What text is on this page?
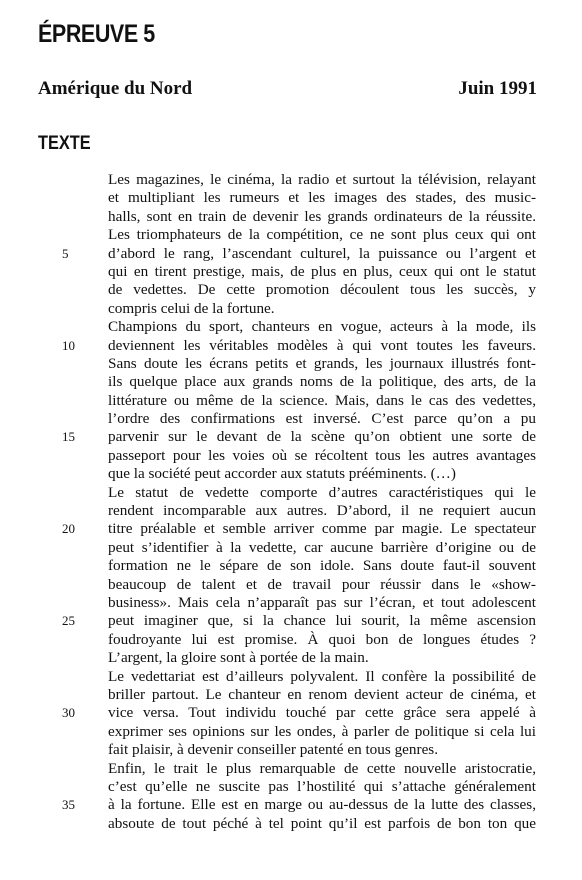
ÉPREUVE 5
Amérique du Nord	Juin 1991
TEXTE
Les magazines, le cinéma, la radio et surtout la télévision, relayant
et multipliant les rumeurs et les images des stades, des music-
halls, sont en train de devenir les grands ordinateurs de la réussite.
Les triomphateurs de la compétition, ce ne sont plus ceux qui ont
5	d’abord le rang, l’ascendant culturel, la puissance ou l’argent et
qui en tirent prestige, mais, de plus en plus, ceux qui ont le statut
de vedettes. De cette promotion découlent tous les succès, y
compris celui de la fortune.
Champions du sport, chanteurs en vogue, acteurs à la mode, ils
10	deviennent les véritables modèles à qui vont toutes les faveurs.
Sans doute les écrans petits et grands, les journaux illustrés font-
ils quelque place aux grands noms de la politique, des arts, de la
littérature ou même de la science. Mais, dans le cas des vedettes,
l’ordre des confirmations est inversé. C’est parce qu’on a pu
15	parvenir sur le devant de la scène qu’on obtient une sorte de
passeport pour les voies où se récoltent tous les autres avantages
que la société peut accorder aux statuts prééminents. (…)
Le statut de vedette comporte d’autres caractéristiques qui le
rendent incomparable aux autres. D’abord, il ne requiert aucun
20	titre préalable et semble arriver comme par magie. Le spectateur
peut s’identifier à la vedette, car aucune barrière d’origine ou de
formation ne le sépare de son idole. Sans doute faut-il souvent
beaucoup de talent et de travail pour réussir dans le «show-
business». Mais cela n’apparaît pas sur l’écran, et tout adolescent
25	peut imaginer que, si la chance lui sourit, la même ascension
foudroyante lui est promise. À quoi bon de longues études ?
L’argent, la gloire sont à portée de la main.
Le vedettariat est d’ailleurs polyvalent. Il confère la possibilité de
briller partout. Le chanteur en renom devient acteur de cinéma, et
30	vice versa. Tout individu touché par cette grâce sera appelé à
exprimer ses opinions sur les ondes, à parler de politique si cela lui
fait plaisir, à devenir conseiller patenté en tous genres.
Enfin, le trait le plus remarquable de cette nouvelle aristocratie,
c’est qu’elle ne suscite pas l’hostilité qui s’attache généralement
35	à la fortune. Elle est en marge ou au-dessus de la lutte des classes,
absoute de tout péché à tel point qu’il est parfois de bon ton que
